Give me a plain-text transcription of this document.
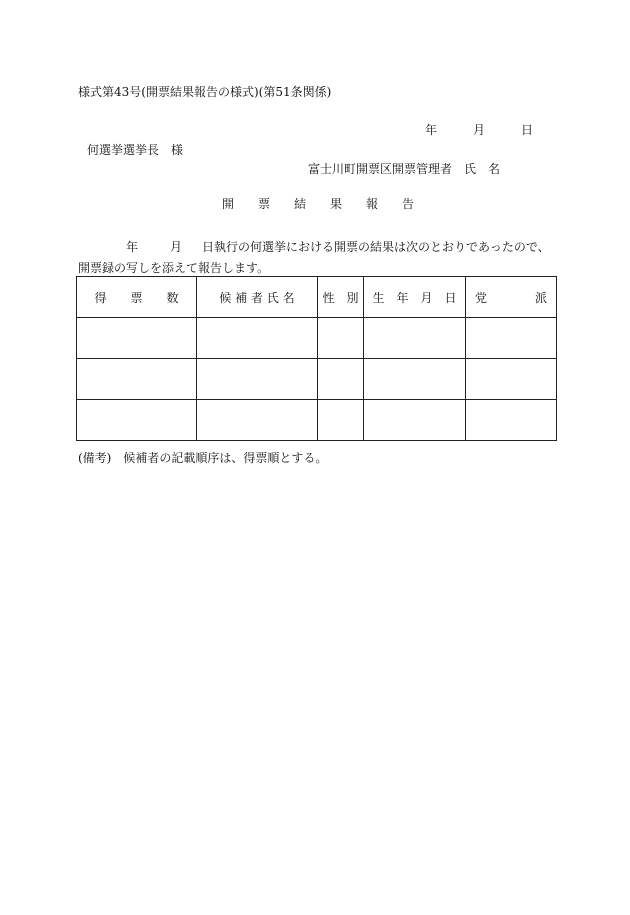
様式第43号(開票結果報告の様式)(第51条関係)
年	月	日
何選挙選挙長　様
富士川町開票区開票管理者　氏　名
開　　票　　結　　果　　報　　告
年	月 日執行の何選挙における開票の結果は次のとおりであったので、開票録の写しを添えて報告します。
得　　票　　数	候 補 者 氏 名	性　別	生　年　月　日	党　　　　派

(備考)　候補者の記載順序は、得票順とする。
